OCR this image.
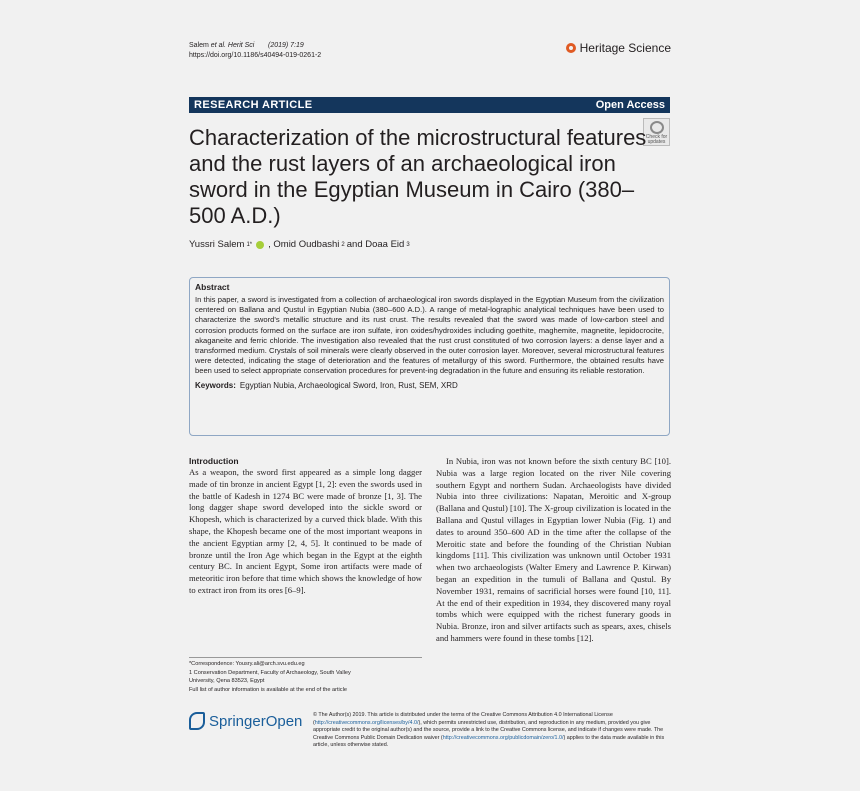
Salem et al. Herit Sci (2019) 7:19
https://doi.org/10.1186/s40494-019-0261-2
Heritage Science
RESEARCH ARTICLE	Open Access
Check for updates
Characterization of the microstructural features and the rust layers of an archaeological iron sword in the Egyptian Museum in Cairo (380–500 A.D.)
Yussri Salem 1* , Omid Oudbashi 2 and Doaa Eid 3
Abstract

In this paper, a sword is investigated from a collection of archaeological iron swords displayed in the Egyptian Museum from the civilization centered on Ballana and Qustul in Egyptian Nubia (380–600 A.D.). A range of metal-lographic analytical techniques have been used to characterize the sword's metallic structure and its rust crust. The results revealed that the sword was made of low-carbon steel and corrosion products formed on the surface are iron sulfate, iron oxides/hydroxides including goethite, maghemite, magnetite, lepidocrocite, akaganeite and ferric chloride. The investigation also revealed that the rust crust constituted of two corrosion layers: a dense layer and a transformed medium. Crystals of soil minerals were clearly observed in the outer corrosion layer. Moreover, several microstructural features were detected, indicating the stage of deterioration and the features of metallurgy of this sword. Furthermore, the obtained results have been used to select appropriate conservation procedures for prevent-ing degradation in the future and ensuring its reliable restoration.

Keywords: Egyptian Nubia, Archaeological Sword, Iron, Rust, SEM, XRD
Introduction

As a weapon, the sword first appeared as a simple long dagger made of tin bronze in ancient Egypt [1, 2]: even the swords used in the battle of Kadesh in 1274 BC were made of bronze [1, 3]. The long dagger shape sword developed into the sickle sword or Khopesh, which is characterized by a curved thick blade. With this shape, the Khopesh became one of the most important weapons in the ancient Egyptian army [2, 4, 5]. It continued to be made of bronze until the Iron Age which began in the Egypt at the eighth century BC. In ancient Egypt, Some iron artifacts were made of meteoritic iron before that time which shows the knowledge of how to extract iron from its ores [6–9].

In Nubia, iron was not known before the sixth century BC [10]. Nubia was a large region located on the river Nile covering southern Egypt and northern Sudan. Archaeologists have divided Nubia into three civilizations: Napatan, Meroitic and X-group (Ballana and Qustul) [10]. The X-group civilization is located in the Ballana and Qustul villages in Egyptian lower Nubia (Fig. 1) and dates to around 350–600 AD in the time after the collapse of the Meroitic state and before the founding of the Christian Nubian kingdoms [11]. This civilization was unknown until October 1931 when two archaeologists (Walter Emery and Lawrence P. Kirwan) began an expedition in the tumuli of Ballana and Qustul. By November 1931, remains of sacrificial horses were found [10, 11]. At the end of their expedition in 1934, they discovered many royal tombs which were equipped with the richest funerary goods in Nubia. Bronze, iron and silver artifacts such as spears, axes, chisels and hammers were found in these tombs [12].

*Correspondence: Yousry.ali@arch.svu.edu.eg
1 Conservation Department, Faculty of Archaeology, South Valley
University, Qena 83523, Egypt
Full list of author information is available at the end of the article
SpringerOpen © The Author(s) 2019. This article is distributed under the terms of the Creative Commons Attribution 4.0 International License (http://creativecommons.org/licenses/by/4.0/), which permits unrestricted use, distribution, and reproduction in any medium, provided you give appropriate credit to the original author(s) and the source, provide a link to the Creative Commons license, and indicate if changes were made. The Creative Commons Public Domain Dedication waiver (http://creativecommons.org/publicdomain/zero/1.0/) applies to the data made available in this article, unless otherwise stated.
